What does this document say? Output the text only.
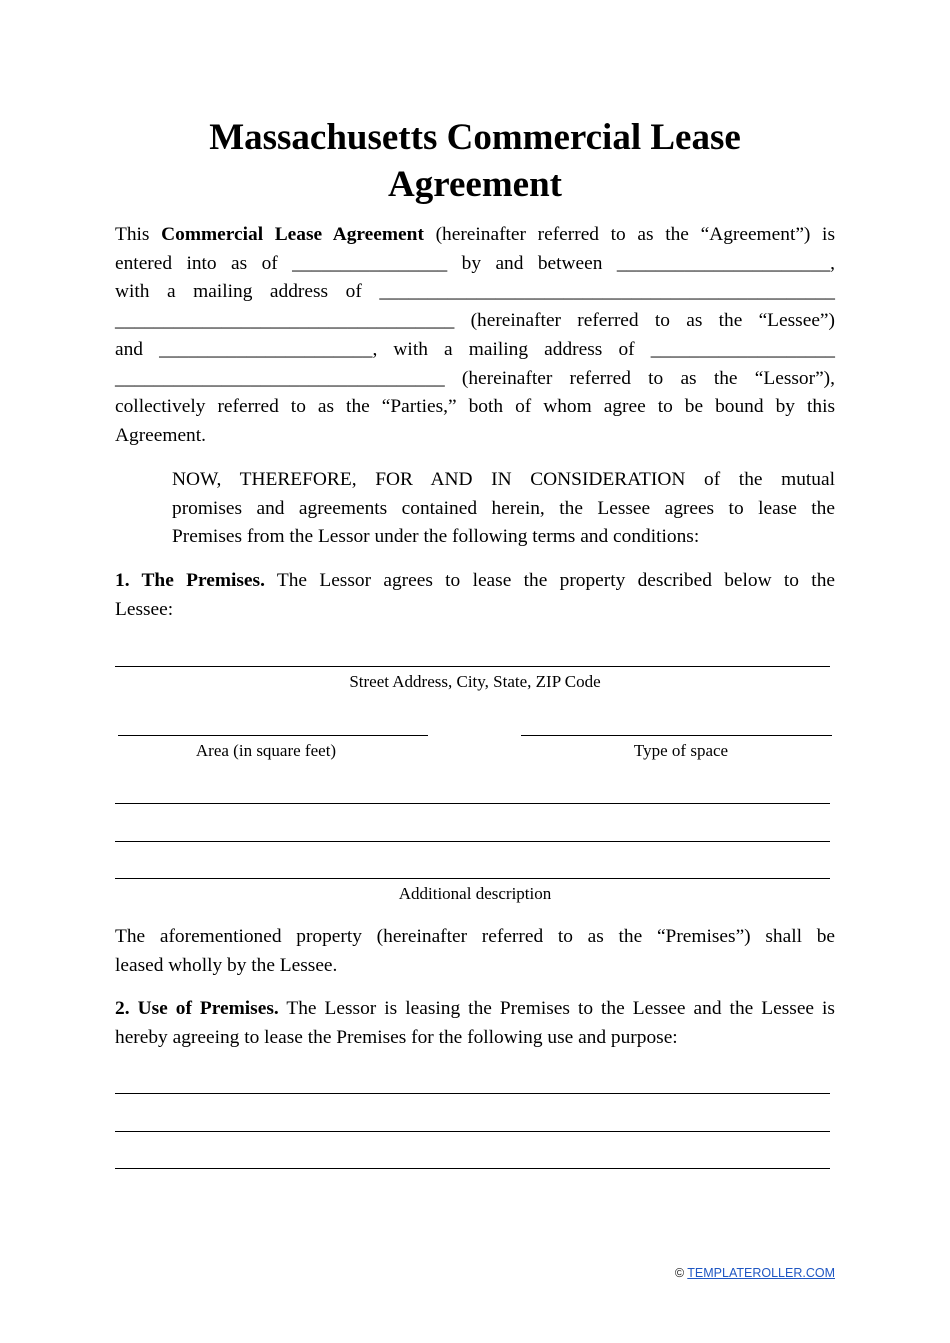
Massachusetts Commercial Lease
Agreement
This Commercial Lease Agreement (hereinafter referred to as the “Agreement”) is
entered into as of ________________ by and between ______________________,
with a mailing address of _______________________________________________
___________________________________ (hereinafter referred to as the “Lessee”)
and ______________________, with a mailing address of ___________________
__________________________________ (hereinafter referred to as the “Lessor”),
collectively referred to as the “Parties,” both of whom agree to be bound by this
Agreement.
NOW, THEREFORE, FOR AND IN CONSIDERATION of the mutual
promises and agreements contained herein, the Lessee agrees to lease the
Premises from the Lessor under the following terms and conditions:
1. The Premises. The Lessor agrees to lease the property described below to the
Lessee:
Street Address, City, State, ZIP Code
Area (in square feet)	Type of space
Additional description
The aforementioned property (hereinafter referred to as the “Premises”) shall be
leased wholly by the Lessee.
2. Use of Premises. The Lessor is leasing the Premises to the Lessee and the Lessee is
hereby agreeing to lease the Premises for the following use and purpose:
© TEMPLATEROLLER.COM
